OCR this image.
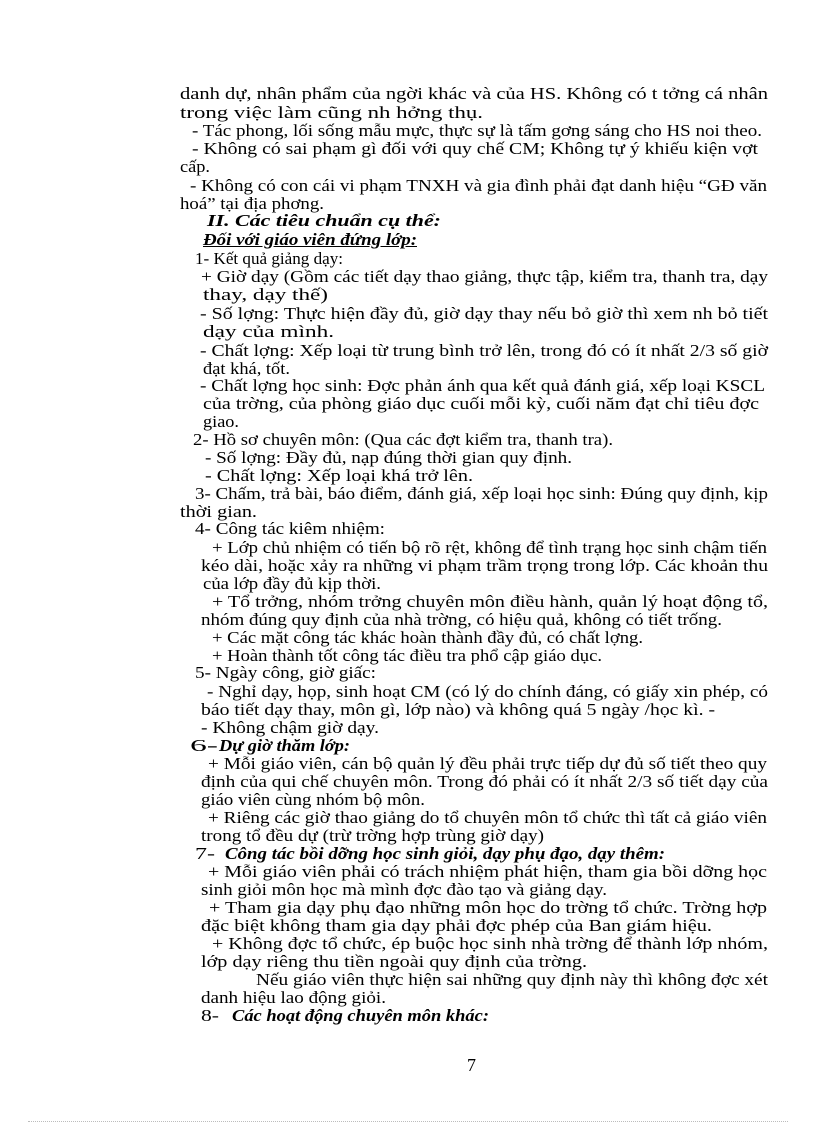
danh dự, nhân phẩm của ngời khác và của HS. Không có t tởng cá nhân
trong việc làm cũng nh hởng thụ.
- Tác phong, lối sống mẫu mực, thực sự là tấm gơng sáng cho HS noi theo.
- Không có sai phạm gì đối với quy chế CM; Không tự ý khiếu kiện vợt
cấp.
- Không có con cái vi phạm TNXH và gia đình phải đạt danh hiệu “GĐ văn
hoá” tại địa phơng.
II. Các tiêu chuẩn cụ thể:
Đối với giáo viên đứng lớp:
1- Kết quả giảng dạy:
+ Giờ dạy (Gồm các tiết dạy thao giảng, thực tập, kiểm tra, thanh tra, dạy
thay, dạy thế)
- Số lợng: Thực hiện đầy đủ, giờ dạy thay nếu bỏ giờ thì xem nh bỏ tiết
dạy của mình.
- Chất lợng: Xếp loại từ trung bình trở lên, trong đó có ít nhất 2/3 số giờ
đạt khá, tốt.
- Chất lợng học sinh: Đợc phản ánh qua kết quả đánh giá, xếp loại KSCL
của trờng, của phòng giáo dục cuối mỗi kỳ, cuối năm đạt chỉ tiêu đợc
giao.
2- Hồ sơ chuyên môn: (Qua các đợt kiểm tra, thanh tra).
- Số lợng: Đầy đủ, nạp đúng thời gian quy định.
- Chất lợng: Xếp loại khá trở lên.
3- Chấm, trả bài, báo điểm, đánh giá, xếp loại học sinh: Đúng quy định, kịp
thời gian.
4- Công tác kiêm nhiệm:
+ Lớp chủ nhiệm có tiến bộ rõ rệt, không để tình trạng học sinh chậm tiến
kéo dài, hoặc xảy ra những vi phạm trầm trọng trong lớp. Các khoản thu
của lớp đầy đủ kịp thời.
+ Tổ trởng, nhóm trởng chuyên môn điều hành, quản lý hoạt động tổ,
nhóm đúng quy định của nhà trờng, có hiệu quả, không có tiết trống.
+ Các mặt công tác khác hoàn thành đầy đủ, có chất lợng.
+ Hoàn thành tốt công tác điều tra phổ cập giáo dục.
5- Ngày công, giờ giấc:
- Nghỉ dạy, họp, sinh hoạt CM (có lý do chính đáng, có giấy xin phép, có
báo tiết dạy thay, môn gì, lớp nào) và không quá 5 ngày /học kì. -
- Không chậm giờ dạy.
6- Dự giờ thăm lớp:
+ Mỗi giáo viên, cán bộ quản lý đều phải trực tiếp dự đủ số tiết theo quy
định của qui chế chuyên môn. Trong đó phải có ít nhất 2/3 số tiết dạy của
giáo viên cùng nhóm bộ môn.
+ Riêng các giờ thao giảng do tổ chuyên môn tổ chức thì tất cả giáo viên
trong tổ đều dự (trừ trờng hợp trùng giờ dạy)
7- Công tác bồi dỡng học sinh giỏi, dạy phụ đạo, dạy thêm:
+ Mỗi giáo viên phải có trách nhiệm phát hiện, tham gia bồi dỡng học
sinh giỏi môn học mà mình đợc đào tạo và giảng dạy.
+ Tham gia dạy phụ đạo những môn học do trờng tổ chức. Trờng hợp
đặc biệt không tham gia dạy phải đợc phép của Ban giám hiệu.
+ Không đợc tổ chức, ép buộc học sinh nhà trờng để thành lớp nhóm,
lớp dạy riêng thu tiền ngoài quy định của trờng.
Nếu giáo viên thực hiện sai những quy định này thì không đợc xét
danh hiệu lao động giỏi.
8- Các hoạt động chuyên môn khác:
7
